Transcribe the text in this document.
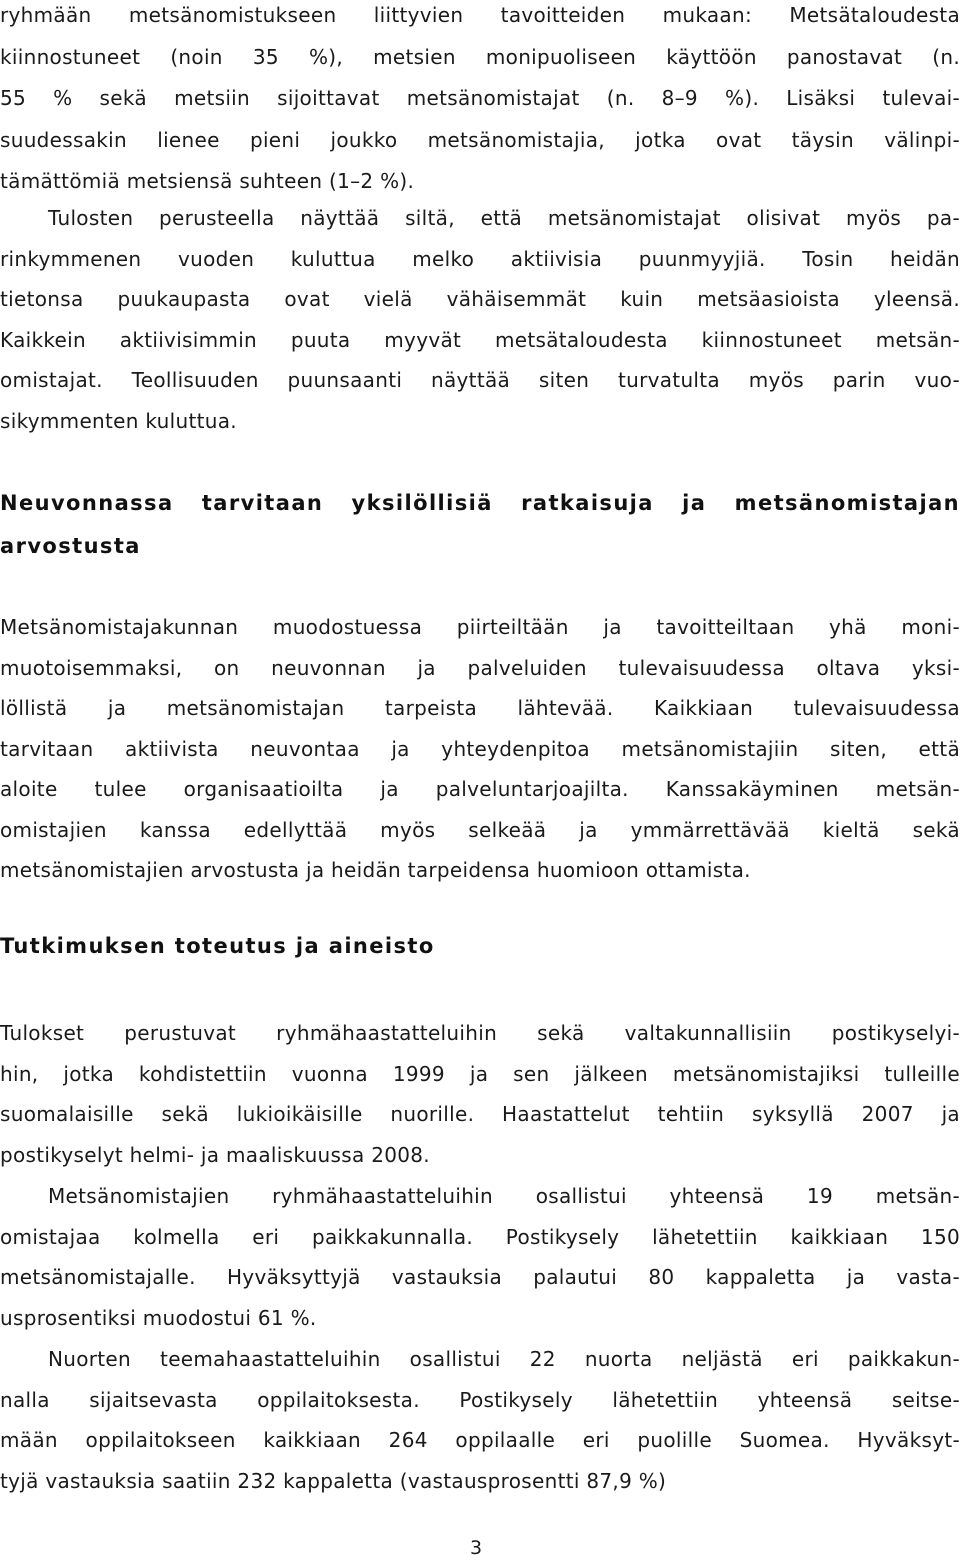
ryhmään metsänomistukseen liittyvien tavoitteiden mukaan: Metsätaloudesta
kiinnostuneet (noin 35 %), metsien monipuoliseen käyttöön panostavat (n.
55 % sekä metsiin sijoittavat metsänomistajat (n. 8–9 %). Lisäksi tulevai-
suudessakin lienee pieni joukko metsänomistajia, jotka ovat täysin välinpi-
tämättömiä metsiensä suhteen (1–2 %).
Tulosten perusteella näyttää siltä, että metsänomistajat olisivat myös pa-
rinkymmenen vuoden kuluttua melko aktiivisia puunmyyjiä. Tosin heidän
tietonsa puukaupasta ovat vielä vähäisemmät kuin metsäasioista yleensä.
Kaikkein aktiivisimmin puuta myyvät metsätaloudesta kiinnostuneet metsän-
omistajat. Teollisuuden puunsaanti näyttää siten turvatulta myös parin vuo-
sikymmenten kuluttua.
Neuvonnassa tarvitaan yksilöllisiä ratkaisuja ja metsänomistajan
arvostusta
Metsänomistajakunnan muodostuessa piirteiltään ja tavoitteiltaan yhä moni-
muotoisemmaksi, on neuvonnan ja palveluiden tulevaisuudessa oltava yksi-
löllistä ja metsänomistajan tarpeista lähtevää. Kaikkiaan tulevaisuudessa
tarvitaan aktiivista neuvontaa ja yhteydenpitoa metsänomistajiin siten, että
aloite tulee organisaatioilta ja palveluntarjoajilta. Kanssakäyminen metsän-
omistajien kanssa edellyttää myös selkeää ja ymmärrettävää kieltä sekä
metsänomistajien arvostusta ja heidän tarpeidensa huomioon ottamista.
Tutkimuksen toteutus ja aineisto
Tulokset perustuvat ryhmähaastatteluihin sekä valtakunnallisiin postikyselyi-
hin, jotka kohdistettiin vuonna 1999 ja sen jälkeen metsänomistajiksi tulleille
suomalaisille sekä lukioikäisille nuorille. Haastattelut tehtiin syksyllä 2007 ja
postikyselyt helmi- ja maaliskuussa 2008.
Metsänomistajien ryhmähaastatteluihin osallistui yhteensä 19 metsän-
omistajaa kolmella eri paikkakunnalla. Postikysely lähetettiin kaikkiaan 150
metsänomistajalle. Hyväksyttyjä vastauksia palautui 80 kappaletta ja vasta-
usprosentiksi muodostui 61 %.
Nuorten teemahaastatteluihin osallistui 22 nuorta neljästä eri paikkakun-
nalla sijaitsevasta oppilaitoksesta. Postikysely lähetettiin yhteensä seitse-
mään oppilaitokseen kaikkiaan 264 oppilaalle eri puolille Suomea. Hyväksyt-
tyjä vastauksia saatiin 232 kappaletta (vastausprosentti 87,9 %)
3
